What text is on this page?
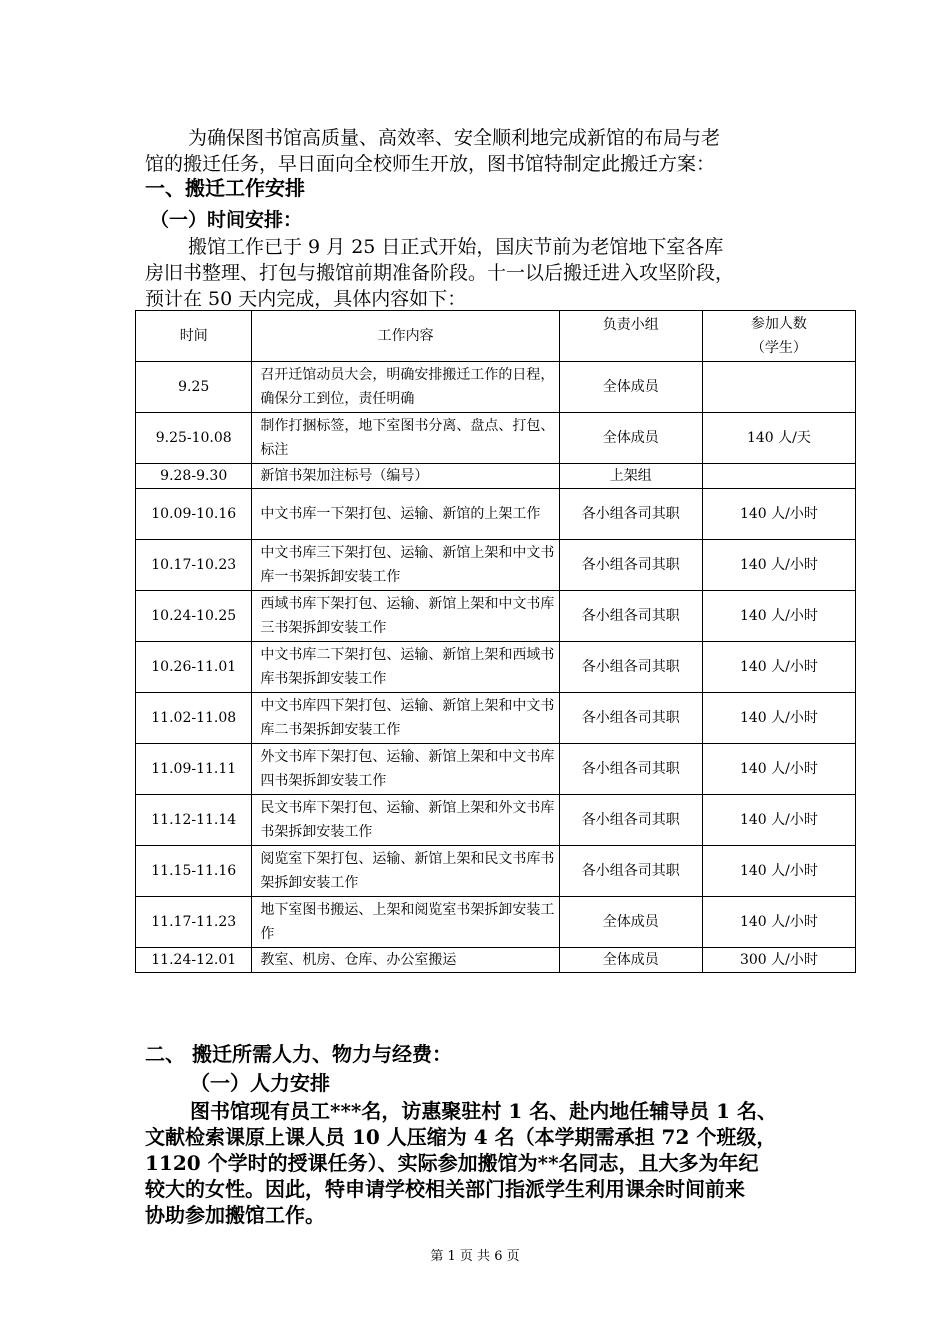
为确保图书馆高质量、高效率、安全顺利地完成新馆的布局与老
馆的搬迁任务，早日面向全校师生开放，图书馆特制定此搬迁方案：
一、搬迁工作安排
（一）时间安排：
搬馆工作已于 9 月 25 日正式开始，国庆节前为老馆地下室各库
房旧书整理、打包与搬馆前期准备阶段。十一以后搬迁进入攻坚阶段，
预计在 50 天内完成，具体内容如下：
时间	工作内容	负责小组	参加人数
（学生）

9.25	召开迁馆动员大会，明确安排搬迁工作的日程，确保分工到位，责任明确	全体成员	
9.25-10.08	制作打捆标签，地下室图书分离、盘点、打包、标注	全体成员	140 人/天
9.28-9.30	新馆书架加注标号（编号）	上架组	
10.09-10.16	中文书库一下架打包、运输、新馆的上架工作	各小组各司其职	140 人/小时
10.17-10.23	中文书库三下架打包、运输、新馆上架和中文书库一书架拆卸安装工作	各小组各司其职	140 人/小时
10.24-10.25	西域书库下架打包、运输、新馆上架和中文书库三书架拆卸安装工作	各小组各司其职	140 人/小时
10.26-11.01	中文书库二下架打包、运输、新馆上架和西域书库书架拆卸安装工作	各小组各司其职	140 人/小时
11.02-11.08	中文书库四下架打包、运输、新馆上架和中文书库二书架拆卸安装工作	各小组各司其职	140 人/小时
11.09-11.11	外文书库下架打包、运输、新馆上架和中文书库四书架拆卸安装工作	各小组各司其职	140 人/小时
11.12-11.14	民文书库下架打包、运输、新馆上架和外文书库书架拆卸安装工作	各小组各司其职	140 人/小时
11.15-11.16	阅览室下架打包、运输、新馆上架和民文书库书架拆卸安装工作	各小组各司其职	140 人/小时
11.17-11.23	地下室图书搬运、上架和阅览室书架拆卸安装工作	全体成员	140 人/小时
11.24-12.01	教室、机房、仓库、办公室搬运	全体成员	300 人/小时
二、 搬迁所需人力、物力与经费：
（一）人力安排
图书馆现有员工***名，访惠聚驻村 1 名、赴内地任辅导员 1 名、
文献检索课原上课人员 10 人压缩为 4 名（本学期需承担 72 个班级，
1120 个学时的授课任务）、实际参加搬馆为**名同志，且大多为年纪
较大的女性。因此，特申请学校相关部门指派学生利用课余时间前来
协助参加搬馆工作。
第 1 页 共 6 页
